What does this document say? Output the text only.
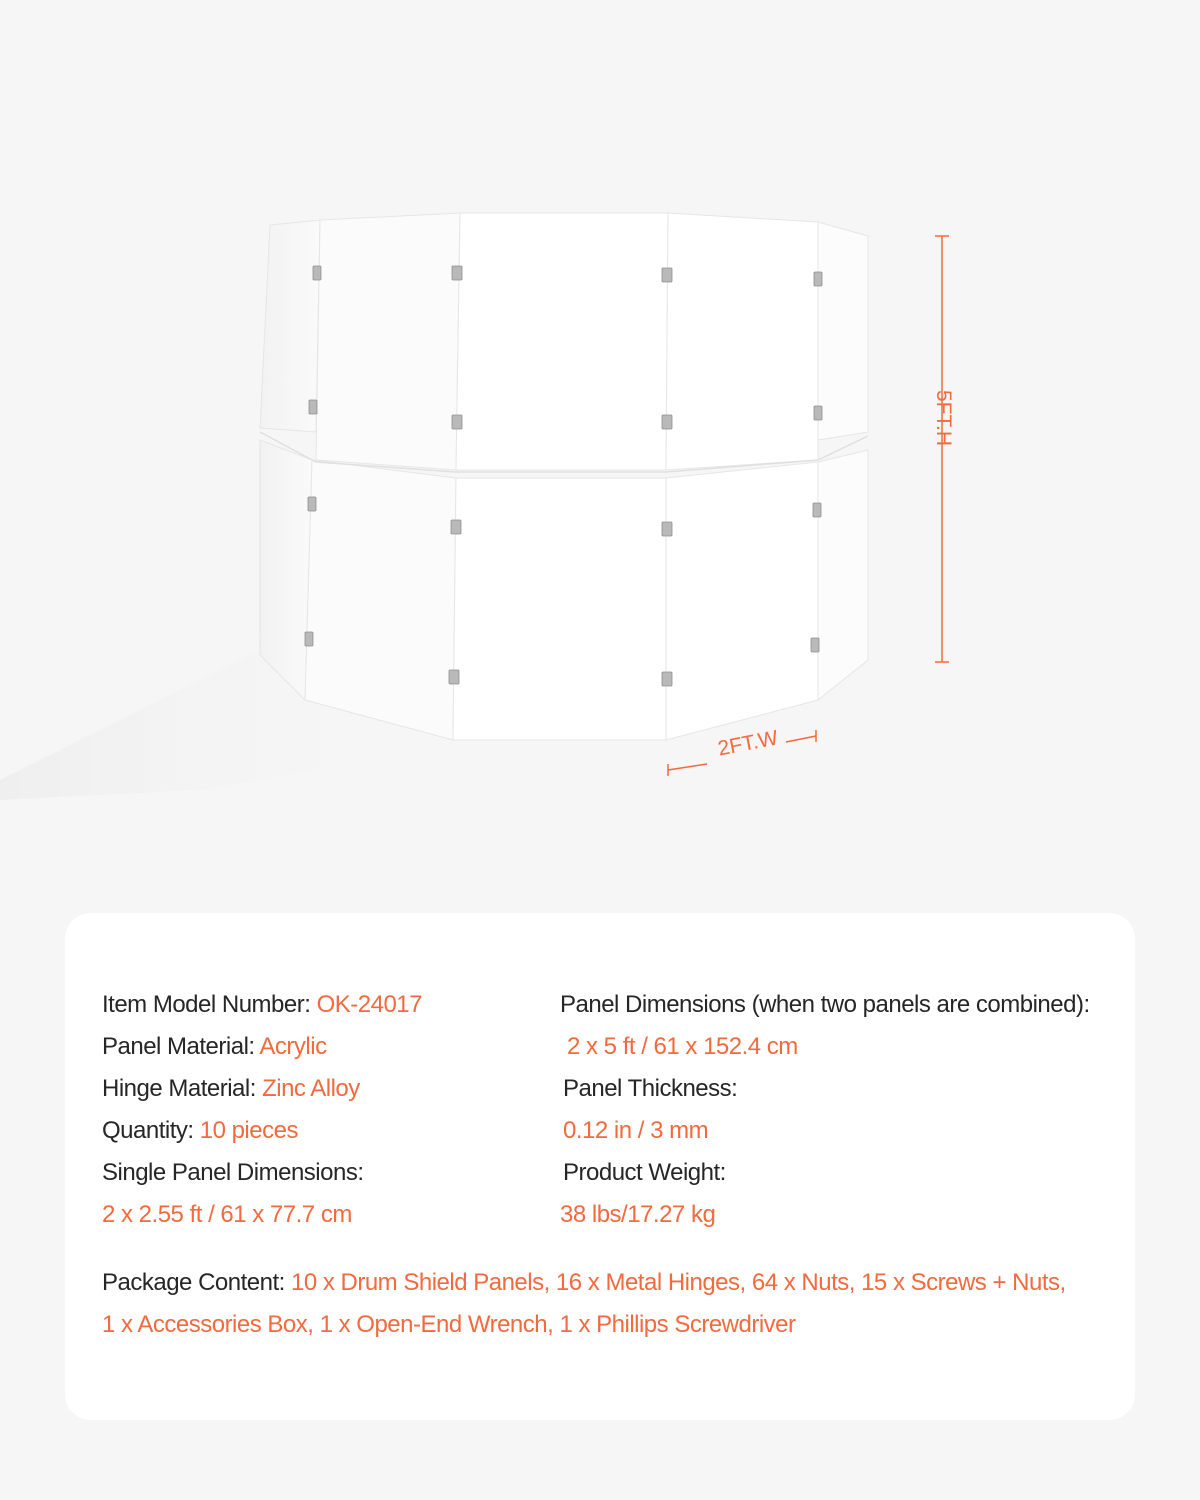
5FT.H
2FT.W
Item Model Number: OK-24017
Panel Material: Acrylic
Hinge Material: Zinc Alloy
Quantity: 10 pieces
Single Panel Dimensions:
2 x 2.55 ft / 61 x 77.7 cm
Panel Dimensions (when two panels are combined):
2 x 5 ft / 61 x 152.4 cm
Panel Thickness:
0.12 in / 3 mm
Product Weight:
38 lbs/17.27 kg
Package Content: 10 x Drum Shield Panels, 16 x Metal Hinges, 64 x Nuts, 15 x Screws + Nuts,
1 x Accessories Box, 1 x Open-End Wrench, 1 x Phillips Screwdriver
